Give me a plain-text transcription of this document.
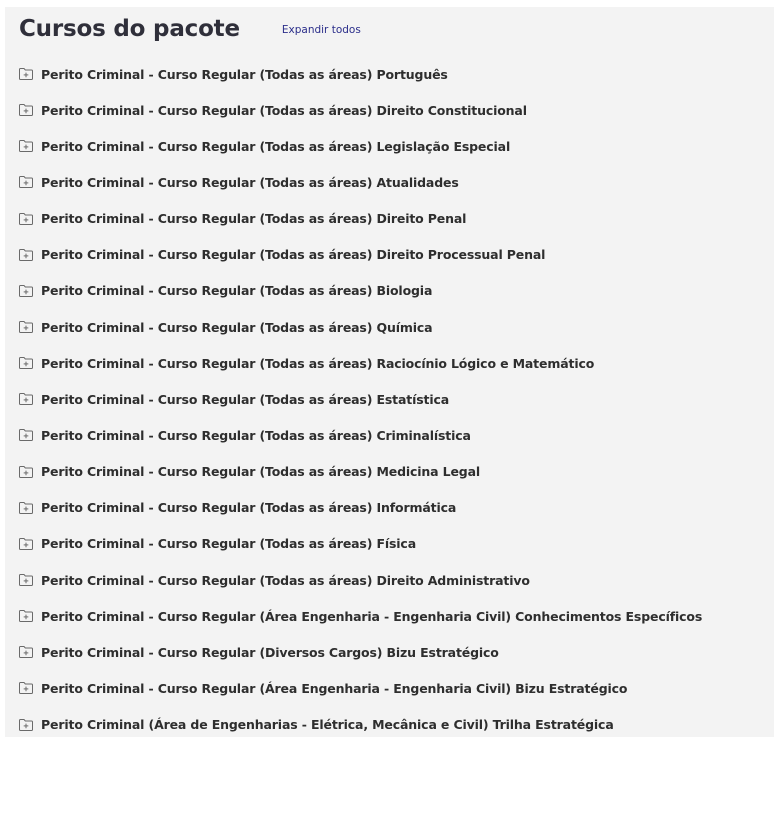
Cursos do pacote	Expandir todos
Perito Criminal - Curso Regular (Todas as áreas) Português
Perito Criminal - Curso Regular (Todas as áreas) Direito Constitucional
Perito Criminal - Curso Regular (Todas as áreas) Legislação Especial
Perito Criminal - Curso Regular (Todas as áreas) Atualidades
Perito Criminal - Curso Regular (Todas as áreas) Direito Penal
Perito Criminal - Curso Regular (Todas as áreas) Direito Processual Penal
Perito Criminal - Curso Regular (Todas as áreas) Biologia
Perito Criminal - Curso Regular (Todas as áreas) Química
Perito Criminal - Curso Regular (Todas as áreas) Raciocínio Lógico e Matemático
Perito Criminal - Curso Regular (Todas as áreas) Estatística
Perito Criminal - Curso Regular (Todas as áreas) Criminalística
Perito Criminal - Curso Regular (Todas as áreas) Medicina Legal
Perito Criminal - Curso Regular (Todas as áreas) Informática
Perito Criminal - Curso Regular (Todas as áreas) Física
Perito Criminal - Curso Regular (Todas as áreas) Direito Administrativo
Perito Criminal - Curso Regular (Área Engenharia - Engenharia Civil) Conhecimentos Específicos
Perito Criminal - Curso Regular (Diversos Cargos) Bizu Estratégico
Perito Criminal - Curso Regular (Área Engenharia - Engenharia Civil) Bizu Estratégico
Perito Criminal (Área de Engenharias - Elétrica, Mecânica e Civil) Trilha Estratégica
